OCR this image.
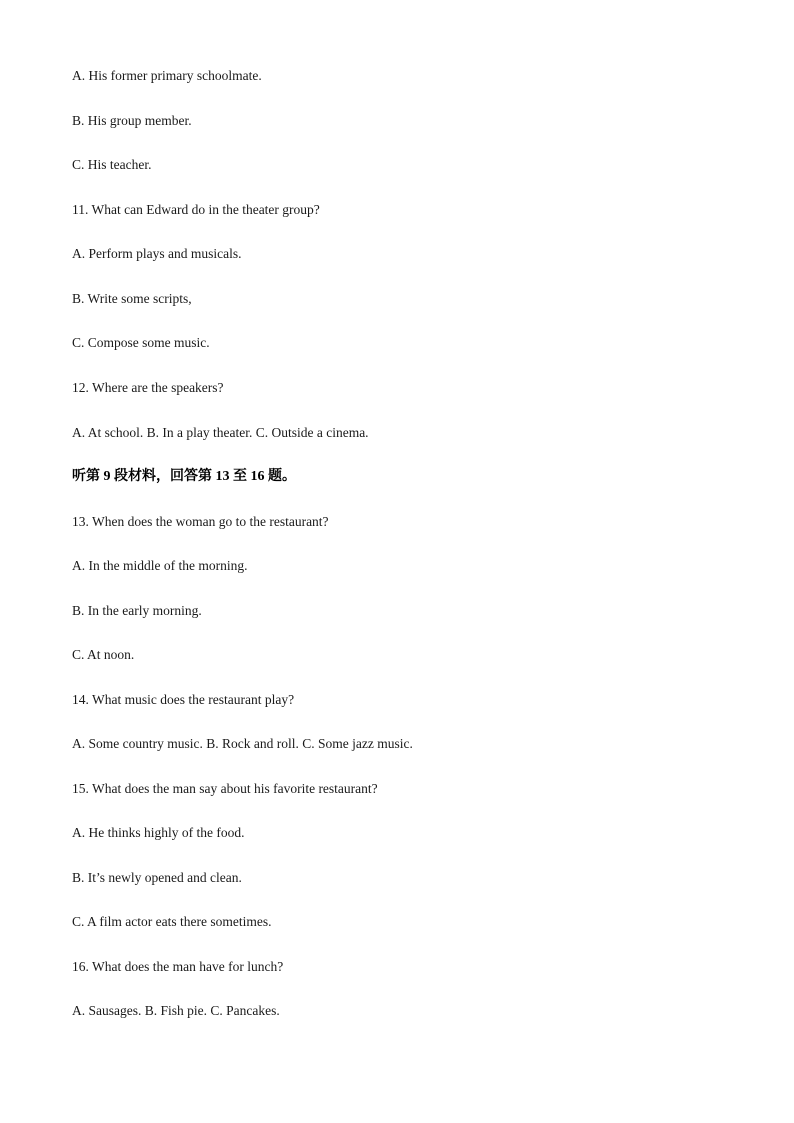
A. His former primary schoolmate.
B. His group member.
C. His teacher.
11. What can Edward do in the theater group?
A. Perform plays and musicals.
B. Write some scripts,
C. Compose some music.
12. Where are the speakers?
A. At school. B. In a play theater. C. Outside a cinema.
听第 9 段材料，回答第 13 至 16 题。
13. When does the woman go to the restaurant?
A. In the middle of the morning.
B. In the early morning.
C. At noon.
14. What music does the restaurant play?
A. Some country music. B. Rock and roll. C. Some jazz music.
15. What does the man say about his favorite restaurant?
A. He thinks highly of the food.
B. It’s newly opened and clean.
C. A film actor eats there sometimes.
16. What does the man have for lunch?
A. Sausages. B. Fish pie. C. Pancakes.
